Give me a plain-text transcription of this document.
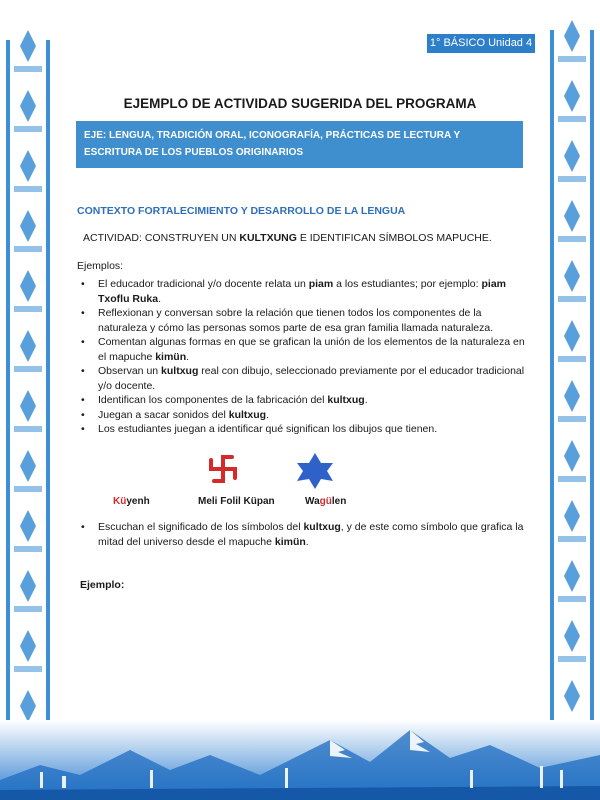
1° BÁSICO Unidad 4
EJEMPLO DE ACTIVIDAD SUGERIDA DEL PROGRAMA
EJE: LENGUA, TRADICIÓN ORAL, ICONOGRAFÍA, PRÁCTICAS DE LECTURA Y ESCRITURA DE LOS PUEBLOS ORIGINARIOS
CONTEXTO FORTALECIMIENTO Y DESARROLLO DE LA LENGUA
ACTIVIDAD: CONSTRUYEN UN KULTXUNG E IDENTIFICAN SÍMBOLOS MAPUCHE.
Ejemplos:
• El educador tradicional y/o docente relata un piam a los estudiantes; por ejemplo: piam Txoflu Ruka.
• Reflexionan y conversan sobre la relación que tienen todos los componentes de la naturaleza y cómo las personas somos parte de esa gran familia llamada naturaleza.
• Comentan algunas formas en que se grafican la unión de los elementos de la naturaleza en el mapuche kimün.
• Observan un kultxug real con dibujo, seleccionado previamente por el educador tradicional y/o docente.
• Identifican los componentes de la fabricación del kultxug.
• Juegan a sacar sonidos del kultxug.
• Los estudiantes juegan a identificar qué significan los dibujos que tienen.
Küyenh	Meli Folil Küpan	Wagülen
• Escuchan el significado de los símbolos del kultxug, y de este como símbolo que grafica la mitad del universo desde el mapuche kimün.
Ejemplo:
